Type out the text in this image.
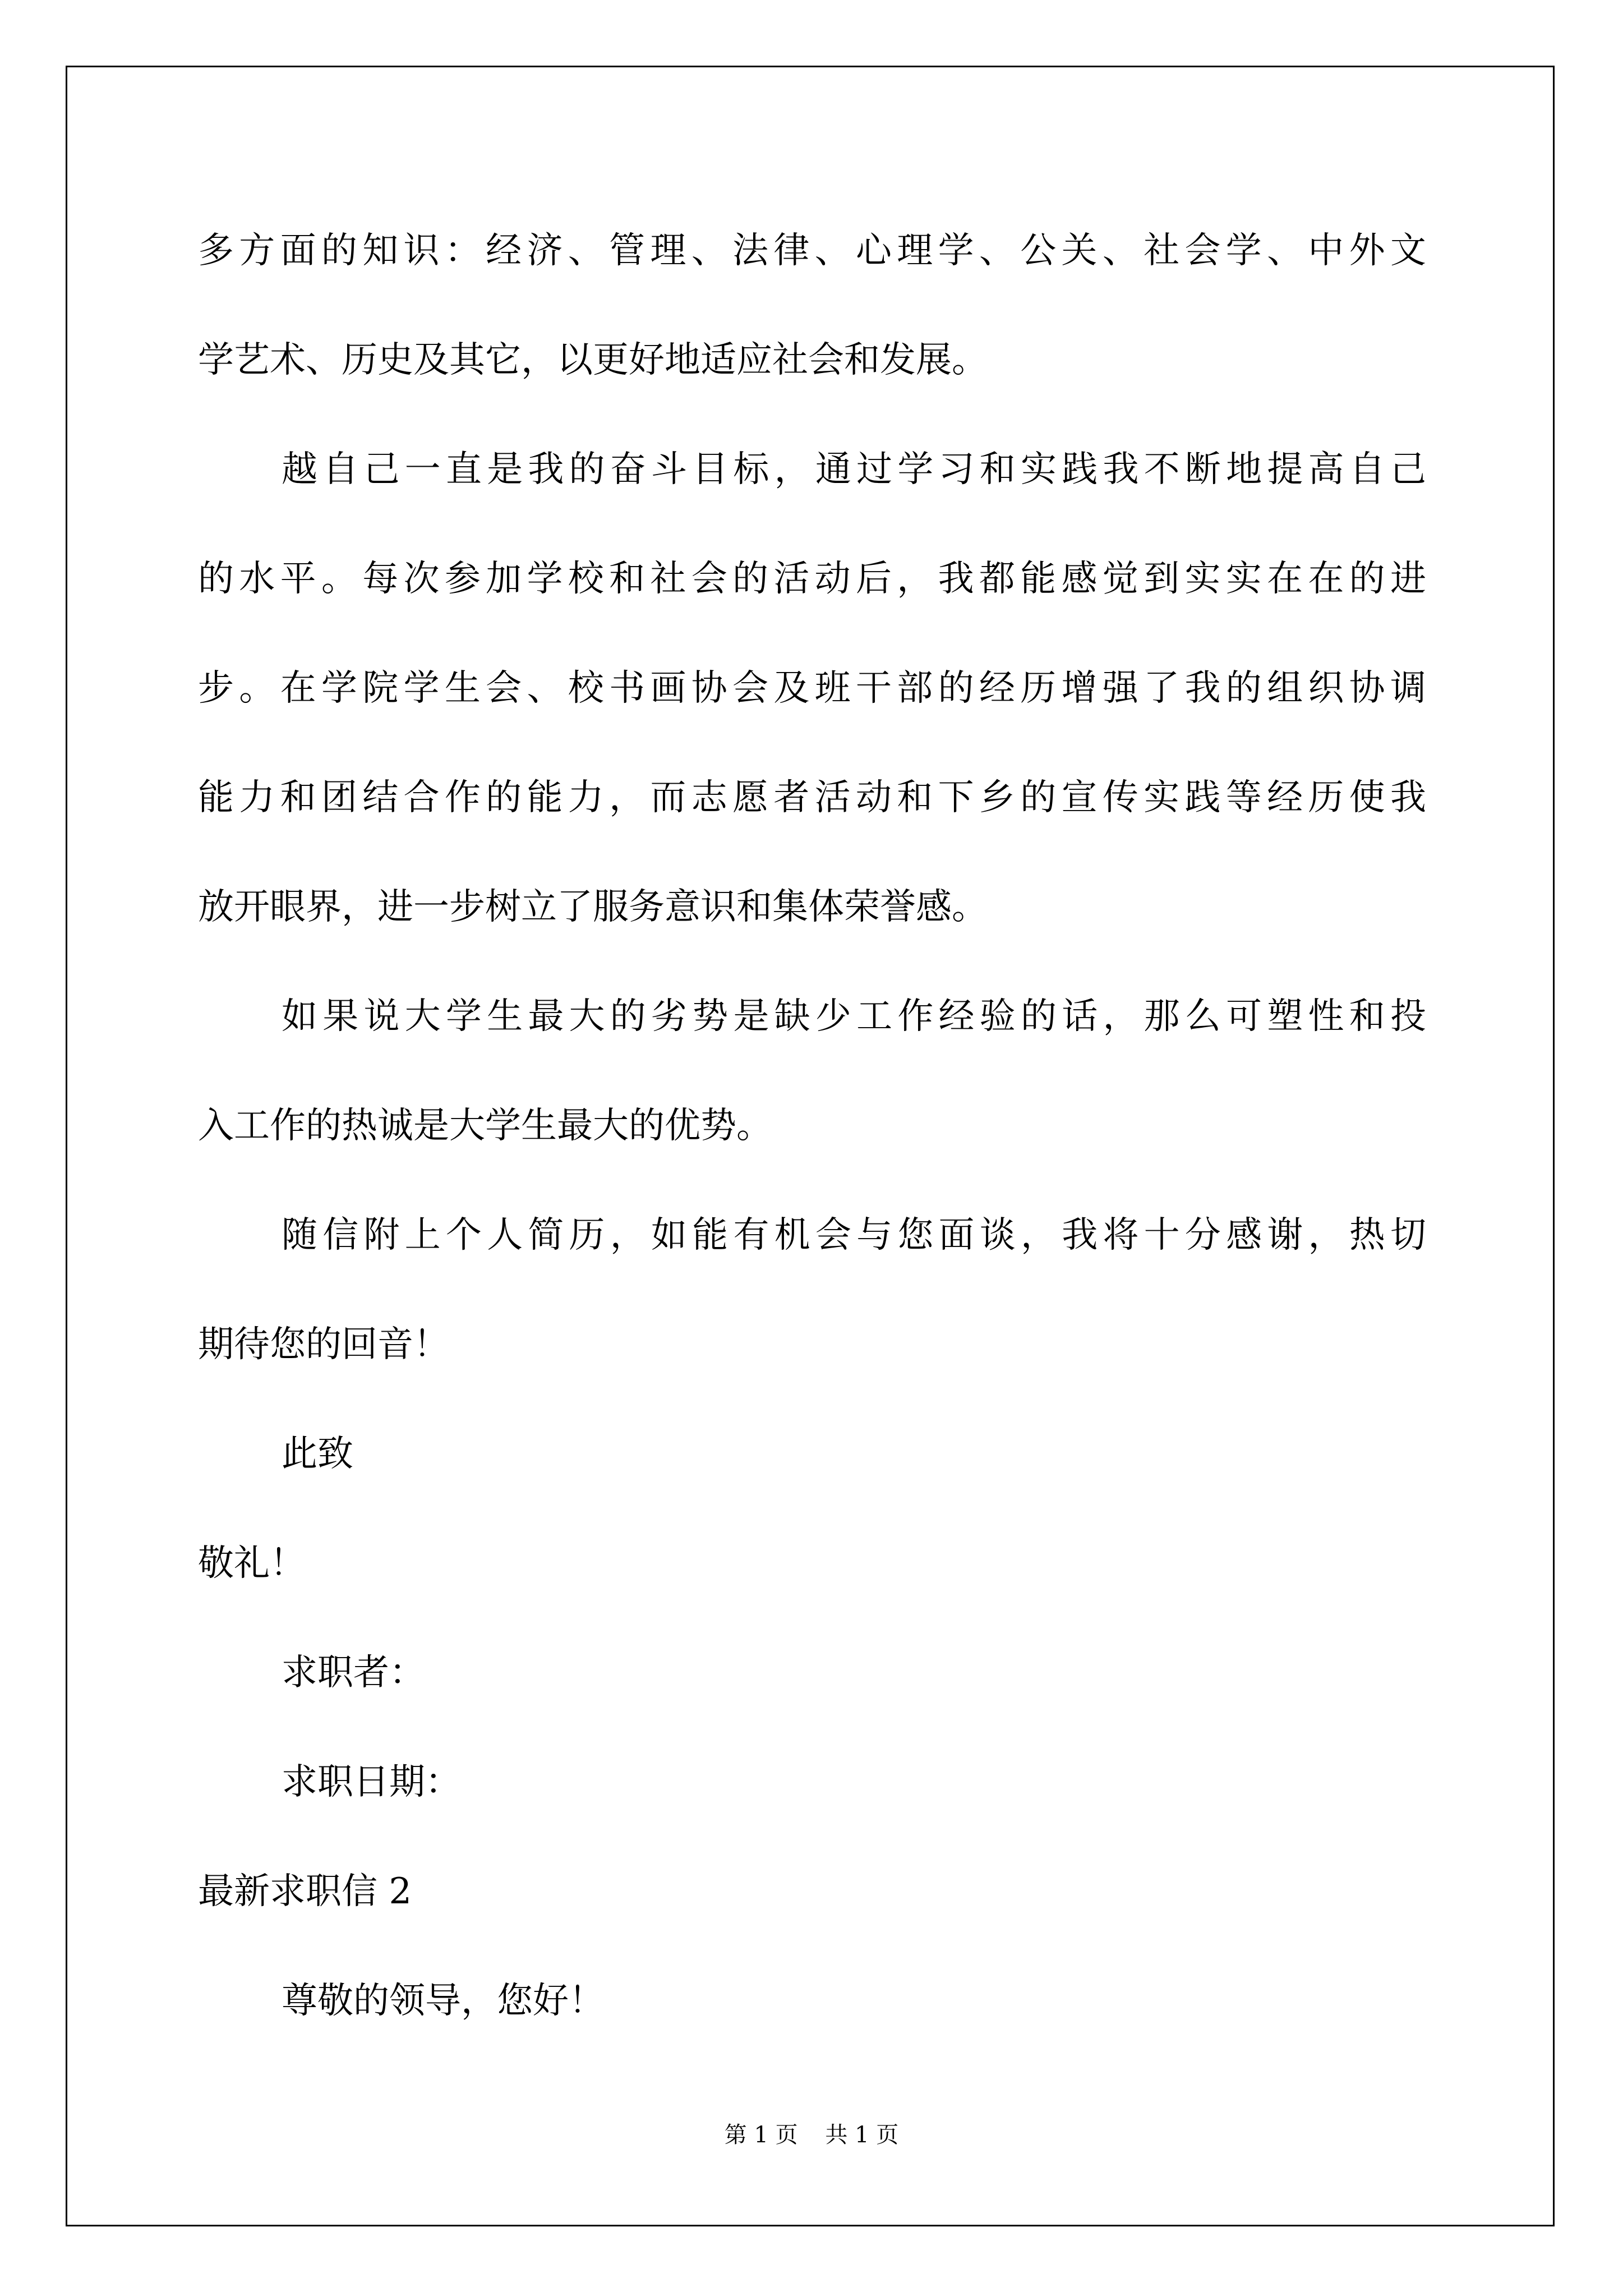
多方面的知识：经济、管理、法律、心理学、公关、社会学、中外文
学艺术、历史及其它，以更好地适应社会和发展。
越自己一直是我的奋斗目标，通过学习和实践我不断地提高自己
的水平。每次参加学校和社会的活动后，我都能感觉到实实在在的进
步。在学院学生会、校书画协会及班干部的经历增强了我的组织协调
能力和团结合作的能力，而志愿者活动和下乡的宣传实践等经历使我
放开眼界，进一步树立了服务意识和集体荣誉感。
如果说大学生最大的劣势是缺少工作经验的话，那么可塑性和投
入工作的热诚是大学生最大的优势。
随信附上个人简历，如能有机会与您面谈，我将十分感谢，热切
期待您的回音！
此致
敬礼！
求职者：
求职日期：
最新求职信 2
尊敬的领导，您好！
第 1 页 共 1 页
